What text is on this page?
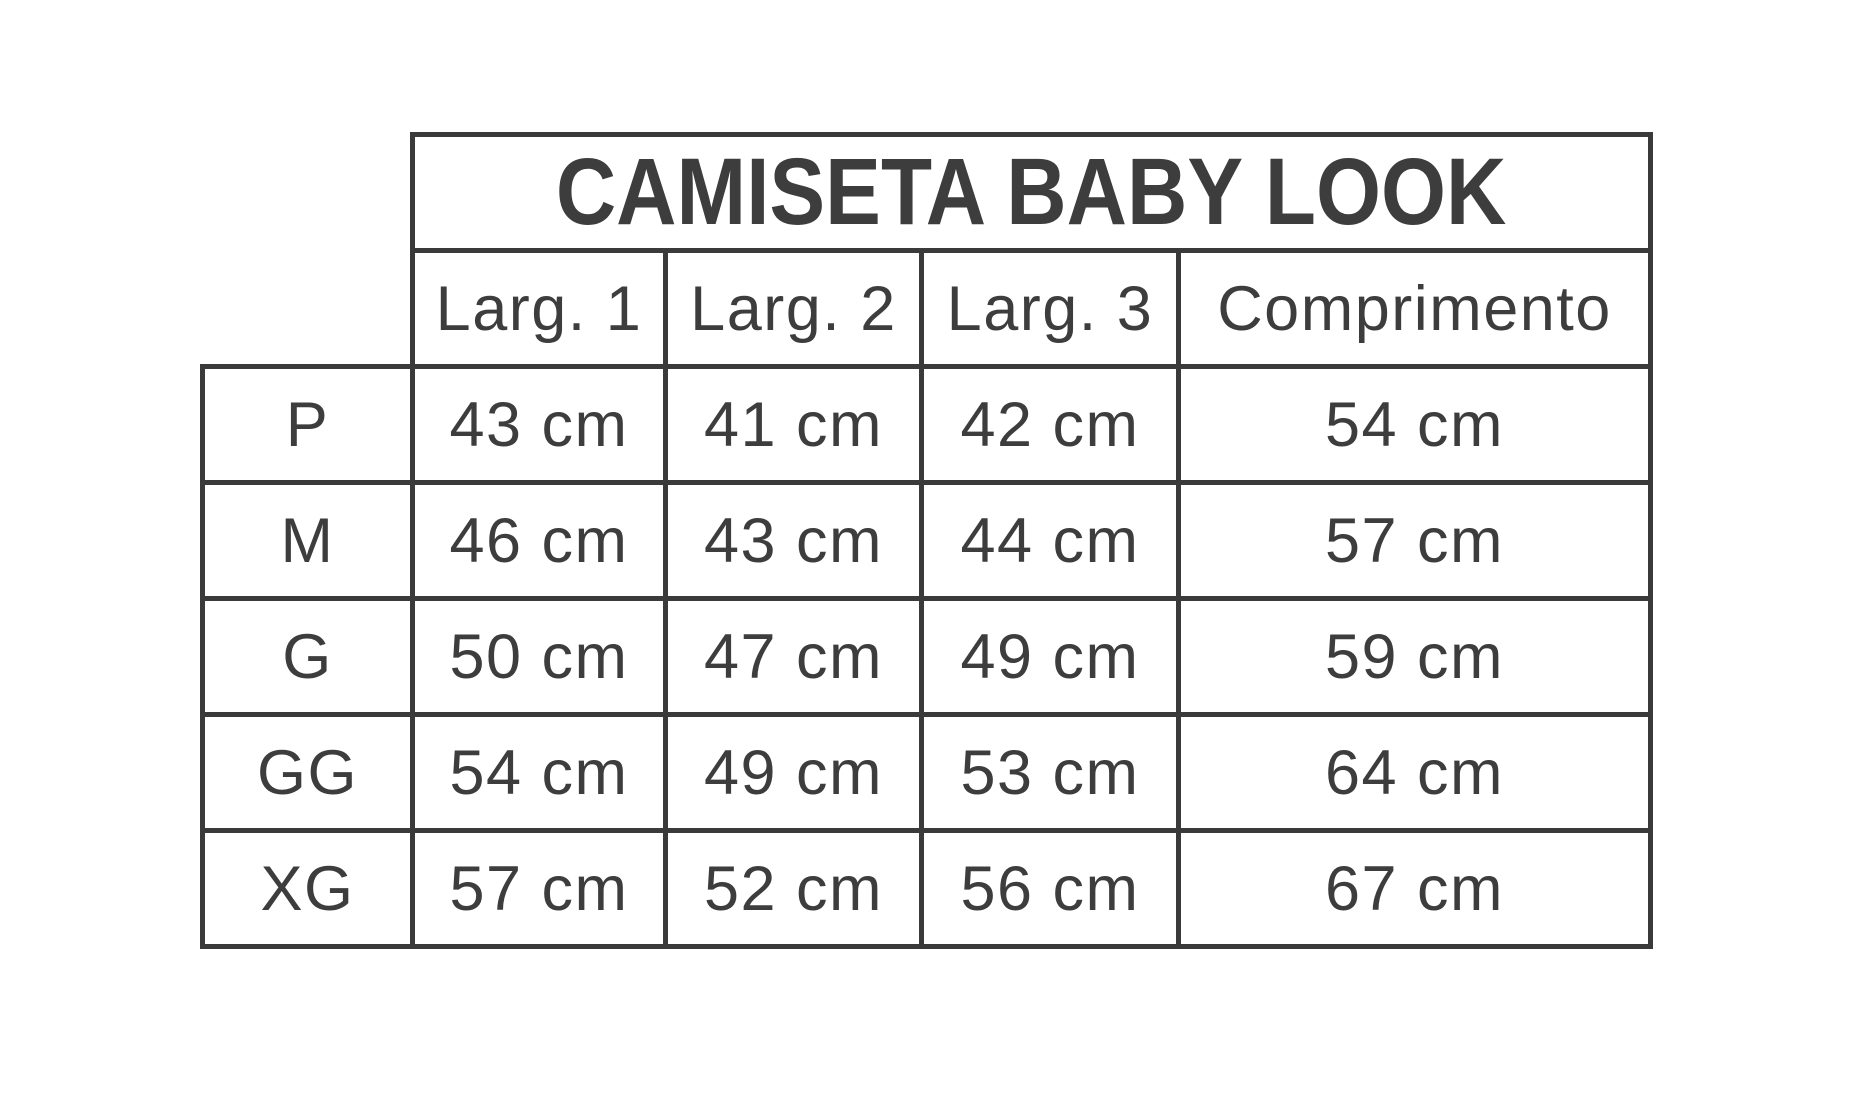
	CAMISETA BABY LOOK			
	Larg. 1	Larg. 2	Larg. 3	Comprimento
P	43 cm	41 cm	42 cm	54 cm
M	46 cm	43 cm	44 cm	57 cm
G	50 cm	47 cm	49 cm	59 cm
GG	54 cm	49 cm	53 cm	64 cm
XG	57 cm	52 cm	56 cm	67 cm
